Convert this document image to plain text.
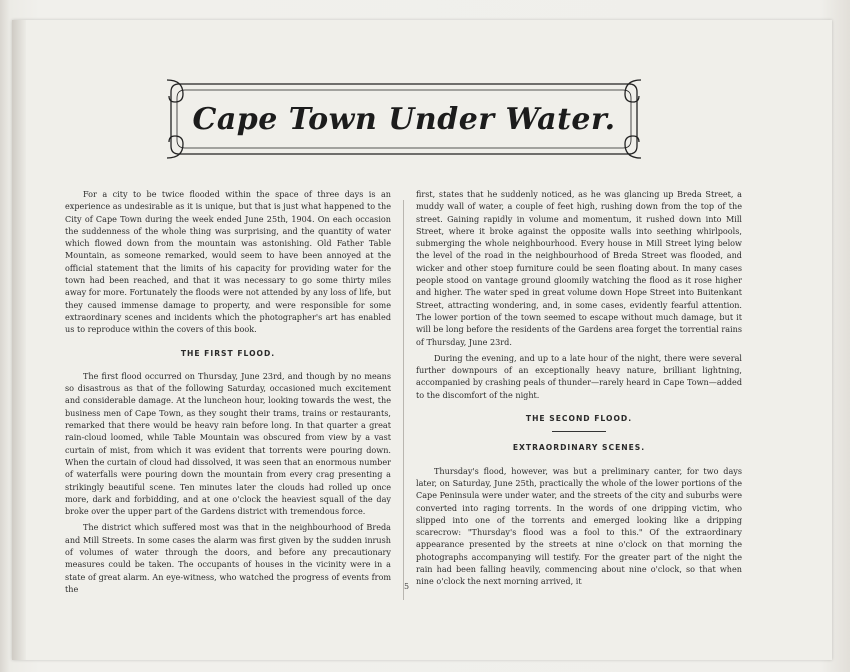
Cape Town Under Water.

For a city to be twice flooded within the space of three days is an experience as undesirable as it is unique, but that is just what happened to the City of Cape Town during the week ended June 25th, 1904. On each occasion the suddenness of the whole thing was surprising, and the quantity of water which flowed down from the mountain was astonishing. Old Father Table Mountain, as someone remarked, would seem to have been annoyed at the official statement that the limits of his capacity for providing water for the town had been reached, and that it was necessary to go some thirty miles away for more. Fortunately the floods were not attended by any loss of life, but they caused immense damage to property, and were responsible for some extraordinary scenes and incidents which the photographer's art has enabled us to reproduce within the covers of this book.

THE FIRST FLOOD.

The first flood occurred on Thursday, June 23rd, and though by no means so disastrous as that of the following Saturday, occasioned much excitement and considerable damage. At the luncheon hour, looking towards the west, the business men of Cape Town, as they sought their trams, trains or restaurants, remarked that there would be heavy rain before long. In that quarter a great rain-cloud loomed, while Table Mountain was obscured from view by a vast curtain of mist, from which it was evident that torrents were pouring down. When the curtain of cloud had dissolved, it was seen that an enormous number of waterfalls were pouring down the mountain from every crag presenting a strikingly beautiful scene. Ten minutes later the clouds had rolled up once more, dark and forbidding, and at one o'clock the heaviest squall of the day broke over the upper part of the Gardens district with tremendous force.

The district which suffered most was that in the neighbourhood of Breda and Mill Streets. In some cases the alarm was first given by the sudden inrush of volumes of water through the doors, and before any precautionary measures could be taken. The occupants of houses in the vicinity were in a state of great alarm. An eye-witness, who watched the progress of events from the

first, states that he suddenly noticed, as he was glancing up Breda Street, a muddy wall of water, a couple of feet high, rushing down from the top of the street. Gaining rapidly in volume and momentum, it rushed down into Mill Street, where it broke against the opposite walls into seething whirlpools, submerging the whole neighbourhood. Every house in Mill Street lying below the level of the road in the neighbourhood of Breda Street was flooded, and wicker and other stoep furniture could be seen floating about. In many cases people stood on vantage ground gloomily watching the flood as it rose higher and higher. The water sped in great volume down Hope Street into Buitenkant Street, attracting wondering, and, in some cases, evidently fearful attention. The lower portion of the town seemed to escape without much damage, but it will be long before the residents of the Gardens area forget the torrential rains of Thursday, June 23rd.

During the evening, and up to a late hour of the night, there were several further downpours of an exceptionally heavy nature, brilliant lightning, accompanied by crashing peals of thunder—rarely heard in Cape Town—added to the discomfort of the night.

THE SECOND FLOOD.
EXTRAORDINARY SCENES.

Thursday's flood, however, was but a preliminary canter, for two days later, on Saturday, June 25th, practically the whole of the lower portions of the Cape Peninsula were under water, and the streets of the city and suburbs were converted into raging torrents. In the words of one dripping victim, who slipped into one of the torrents and emerged looking like a dripping scarecrow: "Thursday's flood was a fool to this." Of the extraordinary appearance presented by the streets at nine o'clock on that morning the photographs accompanying will testify. For the greater part of the night the rain had been falling heavily, commencing about nine o'clock, so that when nine o'clock the next morning arrived, it

5
